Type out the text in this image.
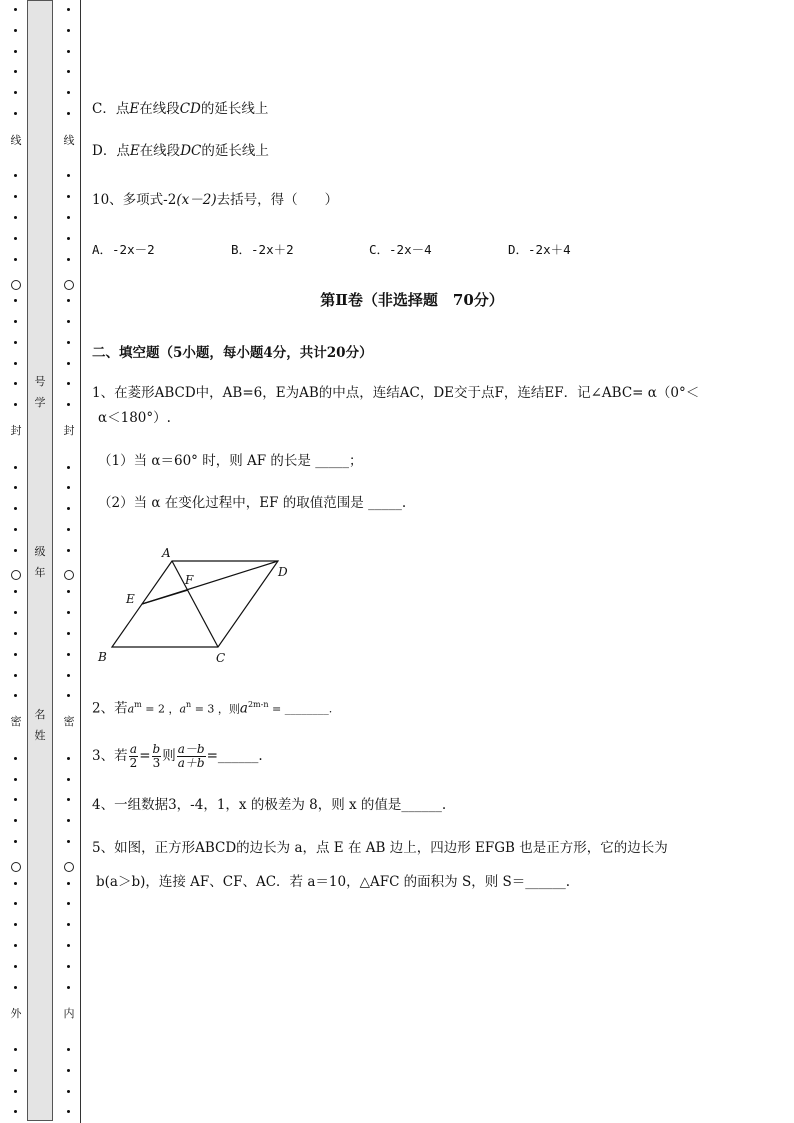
线
封
密
外
线
封
密
内
号
学
级
年
名
姓
C．点E在线段CD的延长线上
D．点E在线段DC的延长线上
10、多项式-2(x－2)去括号，得（　　）
A．-2x－2	B．-2x＋2	C．-2x－4	D．-2x＋4
第Ⅱ卷（非选择题　70分）
二、填空题（5小题，每小题4分，共计20分）
1、在菱形ABCD中，AB=6，E为AB的中点，连结AC，DE交于点F，连结EF．记∠ABC= α（0°＜
α＜180°）.
（1）当 α＝60° 时，则 AF 的长是 _____；
（2）当 α 在变化过程中，EF 的取值范围是 _____.
2、若$a^m = 2$ ，$a^n = 3$ ，则$a^{2m-n}$ = ________.
3、若 $\frac{a}{2} = \frac{b}{3}$ 则 $\frac{a-b}{a+b}$ =______.
4、一组数据3，-4，1，x 的极差为 8，则 x 的值是______.
5、如图，正方形ABCD的边长为 a，点 E 在 AB 边上，四边形 EFGB 也是正方形，它的边长为
b(a＞b)，连接 AF、CF、AC．若 a＝10，△AFC 的面积为 S，则 S＝______.
A
B	C
D
E
F
